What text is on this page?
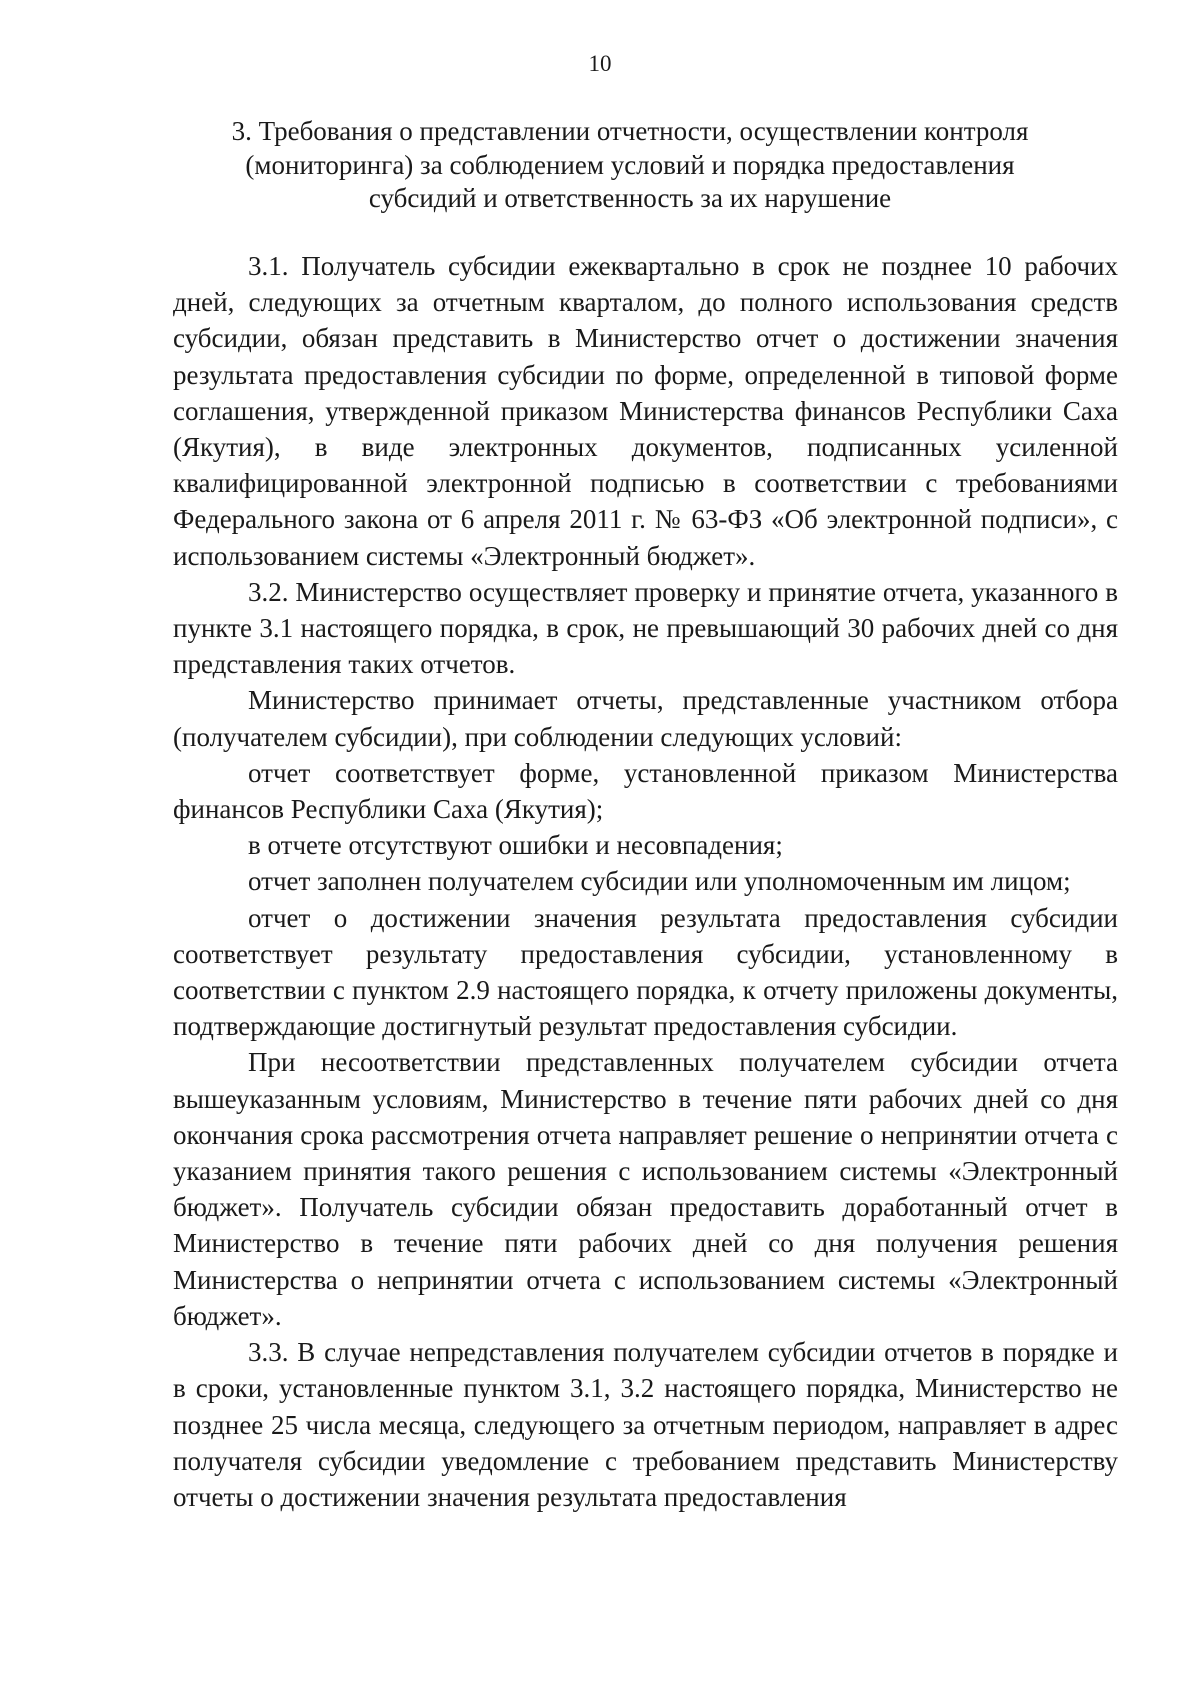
10
3. Требования о представлении отчетности, осуществлении контроля
(мониторинга) за соблюдением условий и порядка предоставления
субсидий и ответственность за их нарушение

3.1. Получатель субсидии ежеквартально в срок не позднее 10 рабочих дней, следующих за отчетным кварталом, до полного использования средств субсидии, обязан представить в Министерство отчет о достижении значения результата предоставления субсидии по форме, определенной в типовой форме соглашения, утвержденной приказом Министерства финансов Республики Саха (Якутия), в виде электронных документов, подписанных усиленной квалифицированной электронной подписью в соответствии с требованиями Федерального закона от 6 апреля 2011 г. № 63-ФЗ «Об электронной подписи», с использованием системы «Электронный бюджет».

3.2. Министерство осуществляет проверку и принятие отчета, указанного в пункте 3.1 настоящего порядка, в срок, не превышающий 30 рабочих дней со дня представления таких отчетов.

Министерство принимает отчеты, представленные участником отбора (получателем субсидии), при соблюдении следующих условий:

отчет соответствует форме, установленной приказом Министерства финансов Республики Саха (Якутия);

в отчете отсутствуют ошибки и несовпадения;

отчет заполнен получателем субсидии или уполномоченным им лицом;

отчет о достижении значения результата предоставления субсидии соответствует результату предоставления субсидии, установленному в соответствии с пунктом 2.9 настоящего порядка, к отчету приложены документы, подтверждающие достигнутый результат предоставления субсидии.

При несоответствии представленных получателем субсидии отчета вышеуказанным условиям, Министерство в течение пяти рабочих дней со дня окончания срока рассмотрения отчета направляет решение о непринятии отчета с указанием принятия такого решения с использованием системы «Электронный бюджет». Получатель субсидии обязан предоставить доработанный отчет в Министерство в течение пяти рабочих дней со дня получения решения Министерства о непринятии отчета с использованием системы «Электронный бюджет».

3.3. В случае непредставления получателем субсидии отчетов в порядке и в сроки, установленные пунктом 3.1, 3.2 настоящего порядка, Министерство не позднее 25 числа месяца, следующего за отчетным периодом, направляет в адрес получателя субсидии уведомление с требованием представить Министерству отчеты о достижении значения результата предоставления
